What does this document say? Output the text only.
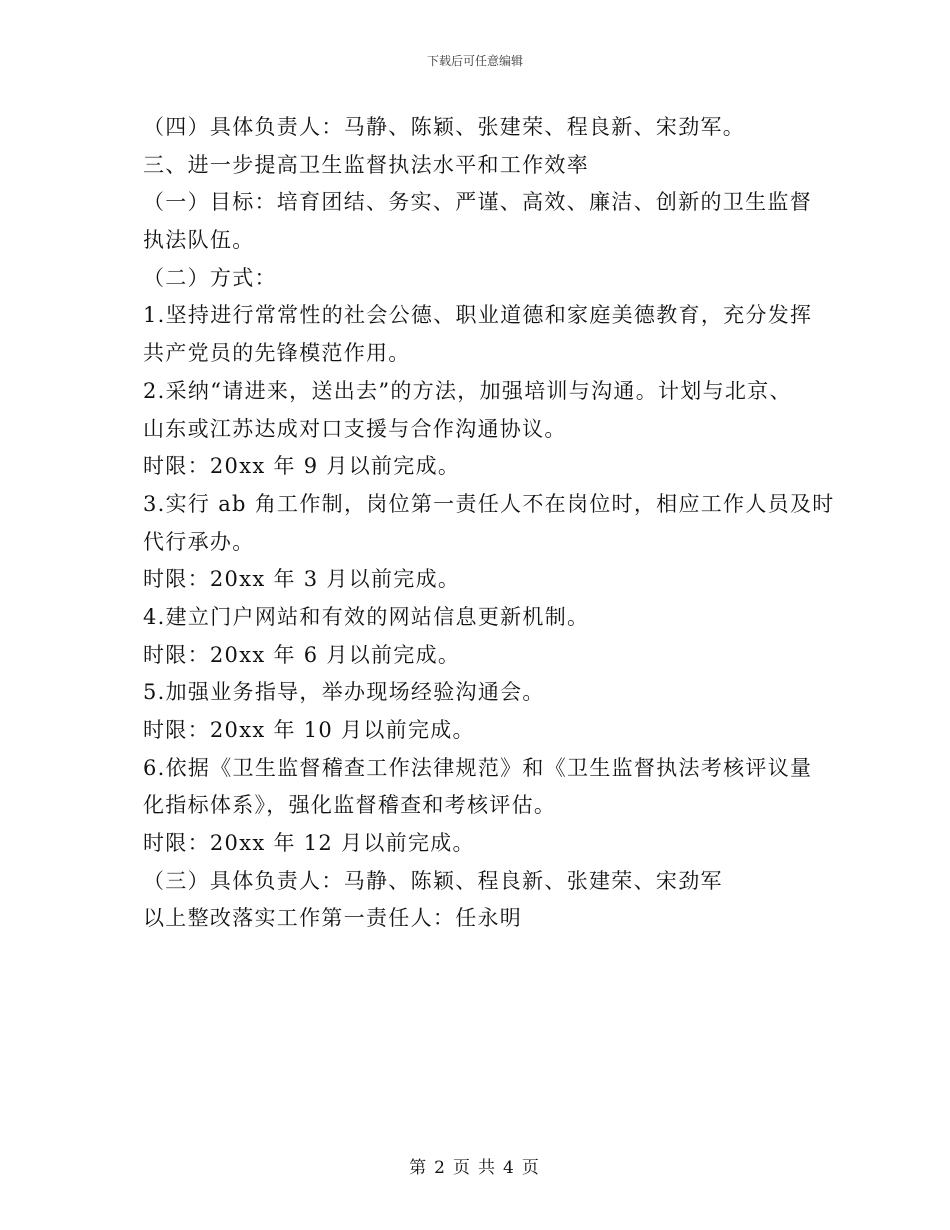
下载后可任意编辑
（四）具体负责人：马静、陈颖、张建荣、程良新、宋劲军。
三、进一步提高卫生监督执法水平和工作效率
（一）目标：培育团结、务实、严谨、高效、廉洁、创新的卫生监督
执法队伍。
（二）方式：
1.坚持进行常常性的社会公德、职业道德和家庭美德教育，充分发挥
共产党员的先锋模范作用。
2.采纳“请进来，送出去”的方法，加强培训与沟通。计划与北京、
山东或江苏达成对口支援与合作沟通协议。
时限：20xx 年 9 月以前完成。
3.实行 ab 角工作制，岗位第一责任人不在岗位时，相应工作人员及时
代行承办。
时限：20xx 年 3 月以前完成。
4.建立门户网站和有效的网站信息更新机制。
时限：20xx 年 6 月以前完成。
5.加强业务指导，举办现场经验沟通会。
时限：20xx 年 10 月以前完成。
6.依据《卫生监督稽查工作法律规范》和《卫生监督执法考核评议量
化指标体系》，强化监督稽查和考核评估。
时限：20xx 年 12 月以前完成。
（三）具体负责人：马静、陈颖、程良新、张建荣、宋劲军
以上整改落实工作第一责任人：任永明
第 2 页 共 4 页
